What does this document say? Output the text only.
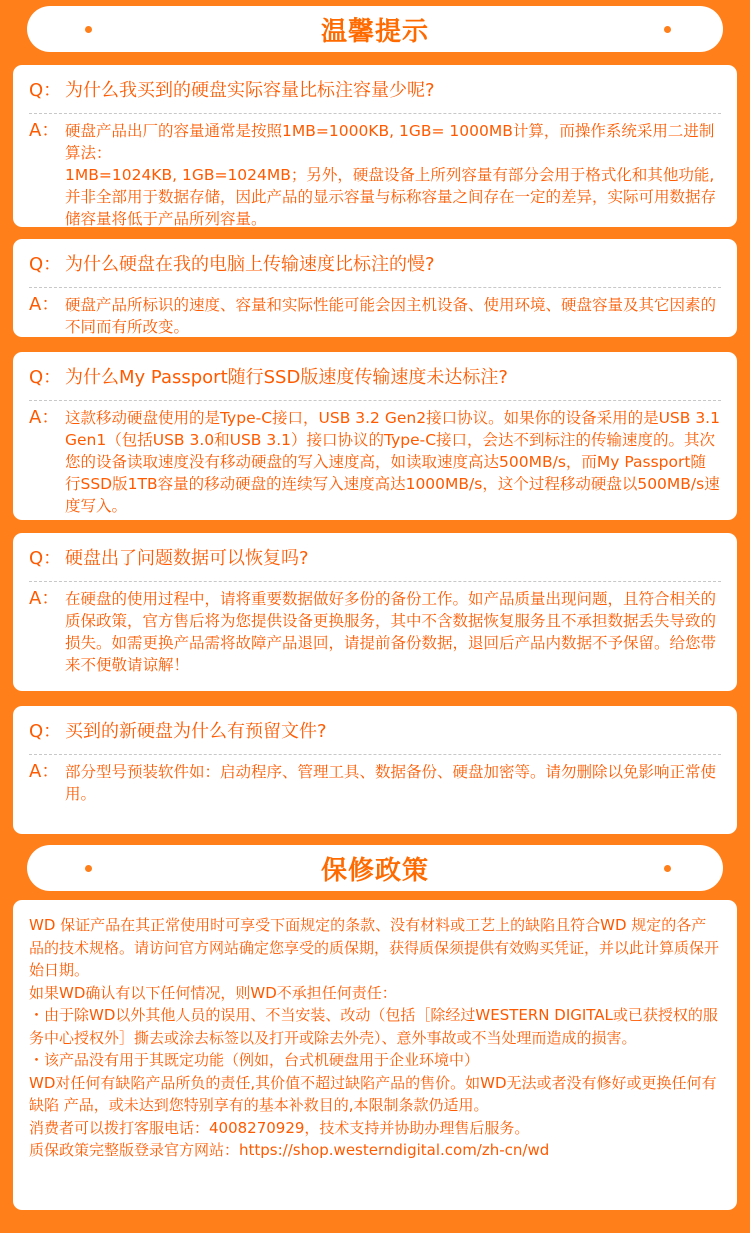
温馨提示
Q： 为什么我买到的硬盘实际容量比标注容量少呢?
A： 硬盘产品出厂的容量通常是按照1MB=1000KB, 1GB= 1000MB计算，而操作系统采用二进制算法：
1MB=1024KB, 1GB=1024MB；另外，硬盘设备上所列容量有部分会用于格式化和其他功能,并非全部用于数据存储，因此产品的显示容量与标称容量之间存在一定的差异，实际可用数据存储容量将低于产品所列容量。
Q： 为什么硬盘在我的电脑上传输速度比标注的慢?
A： 硬盘产品所标识的速度、容量和实际性能可能会因主机设备、使用环境、硬盘容量及其它因素的不同而有所改变。
Q： 为什么My Passport随行SSD版速度传输速度未达标注?
A： 这款移动硬盘使用的是Type-C接口，USB 3.2 Gen2接口协议。如果你的设备采用的是USB 3.1 Gen1（包括USB 3.0和USB 3.1）接口协议的Type-C接口，会达不到标注的传输速度的。其次您的设备读取速度没有移动硬盘的写入速度高，如读取速度高达500MB/s，而My Passport随行SSD版1TB容量的移动硬盘的连续写入速度高达1000MB/s，这个过程移动硬盘以500MB/s速度写入。
Q： 硬盘出了问题数据可以恢复吗?
A： 在硬盘的使用过程中，请将重要数据做好多份的备份工作。如产品质量出现问题，且符合相关的质保政策，官方售后将为您提供设备更换服务，其中不含数据恢复服务且不承担数据丢失导致的损失。如需更换产品需将故障产品退回，请提前备份数据，退回后产品内数据不予保留。给您带来不便敬请谅解！
Q： 买到的新硬盘为什么有预留文件?
A： 部分型号预装软件如：启动程序、管理工具、数据备份、硬盘加密等。请勿删除以免影响正常使用。
保修政策
WD 保证产品在其正常使用时可享受下面规定的条款、没有材料或工艺上的缺陷且符合WD 规定的各产品的技术规格。请访问官方网站确定您享受的质保期，获得质保须提供有效购买凭证，并以此计算质保开始日期。
如果WD确认有以下任何情况，则WD不承担任何责任：
・由于除WD以外其他人员的误用、不当安装、改动（包括［除经过WESTERN DIGITAL或已获授权的服务中心授权外］撕去或涂去标签以及打开或除去外壳）、意外事故或不当处理而造成的损害。
・该产品没有用于其既定功能（例如，台式机硬盘用于企业环境中）
WD对任何有缺陷产品所负的责任,其价值不超过缺陷产品的售价。如WD无法或者没有修好或更换任何有缺陷 产品，或未达到您特别享有的基本补救目的,本限制条款仍适用。
消费者可以拨打客服电话：4008270929，技术支持并协助办理售后服务。
质保政策完整版登录官方网站：https://shop.westerndigital.com/zh-cn/wd
